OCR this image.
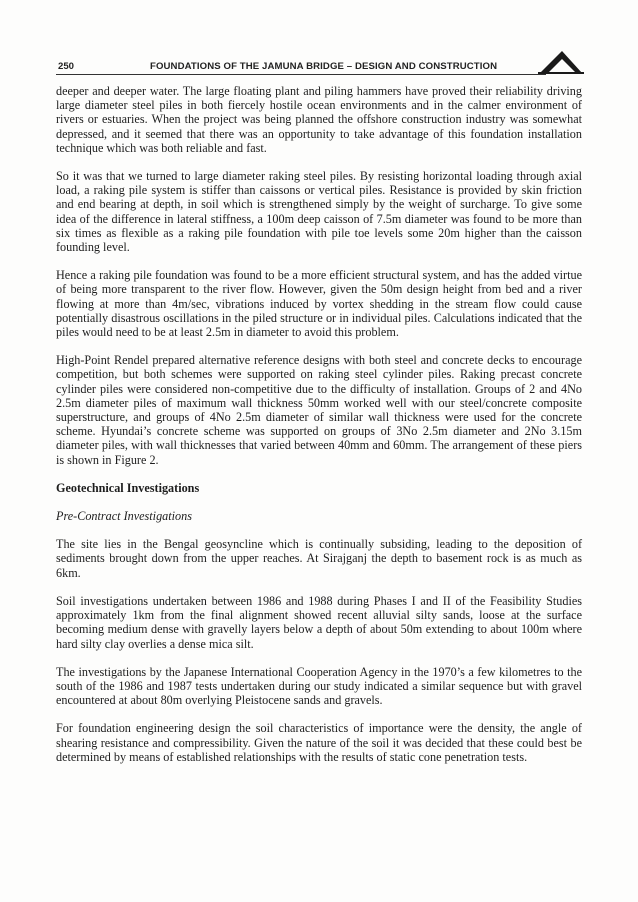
250	FOUNDATIONS OF THE JAMUNA BRIDGE – DESIGN AND CONSTRUCTION

deeper and deeper water. The large floating plant and piling hammers have proved their reliability driving large diameter steel piles in both fiercely hostile ocean environments and in the calmer environment of rivers or estuaries. When the project was being planned the offshore construction industry was somewhat depressed, and it seemed that there was an opportunity to take advantage of this foundation installation technique which was both reliable and fast.

So it was that we turned to large diameter raking steel piles. By resisting horizontal loading through axial load, a raking pile system is stiffer than caissons or vertical piles. Resistance is provided by skin friction and end bearing at depth, in soil which is strengthened simply by the weight of surcharge. To give some idea of the difference in lateral stiffness, a 100m deep caisson of 7.5m diameter was found to be more than six times as flexible as a raking pile foundation with pile toe levels some 20m higher than the caisson founding level.

Hence a raking pile foundation was found to be a more efficient structural system, and has the added virtue of being more transparent to the river flow. However, given the 50m design height from bed and a river flowing at more than 4m/sec, vibrations induced by vortex shedding in the stream flow could cause potentially disastrous oscillations in the piled structure or in individual piles. Calculations indicated that the piles would need to be at least 2.5m in diameter to avoid this problem.

High-Point Rendel prepared alternative reference designs with both steel and concrete decks to encourage competition, but both schemes were supported on raking steel cylinder piles. Raking precast concrete cylinder piles were considered non-competitive due to the difficulty of installation. Groups of 2 and 4No 2.5m diameter piles of maximum wall thickness 50mm worked well with our steel/concrete composite superstructure, and groups of 4No 2.5m diameter of similar wall thickness were used for the concrete scheme. Hyundai’s concrete scheme was supported on groups of 3No 2.5m diameter and 2No 3.15m diameter piles, with wall thicknesses that varied between 40mm and 60mm. The arrangement of these piers is shown in Figure 2.

Geotechnical Investigations
Pre-Contract Investigations

The site lies in the Bengal geosyncline which is continually subsiding, leading to the deposition of sediments brought down from the upper reaches. At Sirajganj the depth to basement rock is as much as 6km.

Soil investigations undertaken between 1986 and 1988 during Phases I and II of the Feasibility Studies approximately 1km from the final alignment showed recent alluvial silty sands, loose at the surface becoming medium dense with gravelly layers below a depth of about 50m extending to about 100m where hard silty clay overlies a dense mica silt.

The investigations by the Japanese International Cooperation Agency in the 1970’s a few kilometres to the south of the 1986 and 1987 tests undertaken during our study indicated a similar sequence but with gravel encountered at about 80m overlying Pleistocene sands and gravels.

For foundation engineering design the soil characteristics of importance were the density, the angle of shearing resistance and compressibility. Given the nature of the soil it was decided that these could best be determined by means of established relationships with the results of static cone penetration tests.
